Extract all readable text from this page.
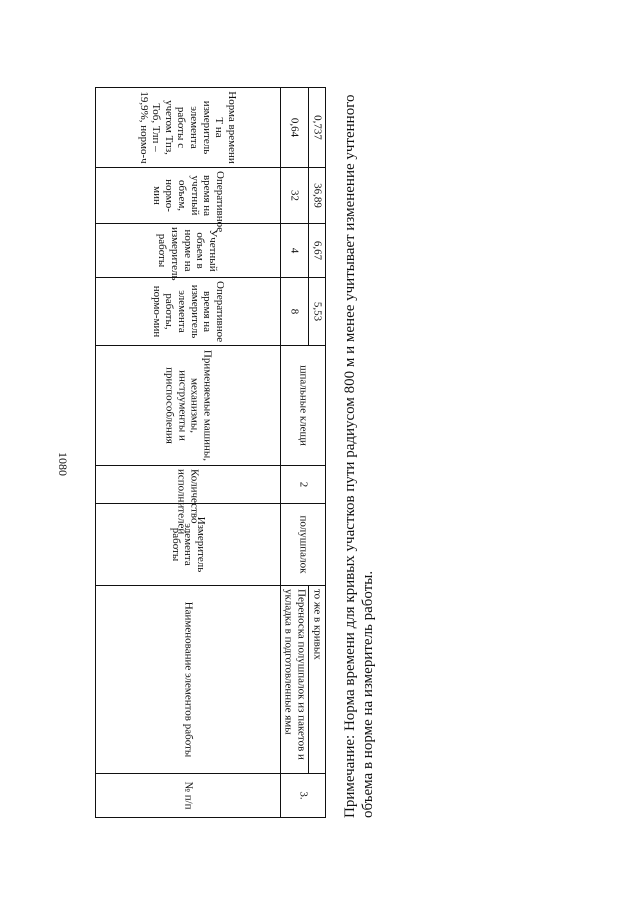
1080
№ п/п	Наименование элементов работы	Измеритель элемента работы	Количество исполнителей	Применяемые машины, механизмы, инструменты и приспособления	Оперативное время на измеритель элемента работы, нормо-мин	Учетный объем в норме на измеритель работы	Оперативное время на учетный объем, нормо-мин	Норма времени Т на измеритель элемента работы с учетом Тпз, Тоб, Тлп – 19,9%, нормо-ч

3.	Переноска полушпалок из пакетов и укладка в подготовленные ямы	полушпалок	2	шпальные клещи	8	4	32	0,64

	то же в кривых				5,53	6,67	36,89	0,737 Примечание: Норма времени для кривых участков пути радиусом 800 м и менее учитывает изменение учтенного объема в норме на измеритель работы.
